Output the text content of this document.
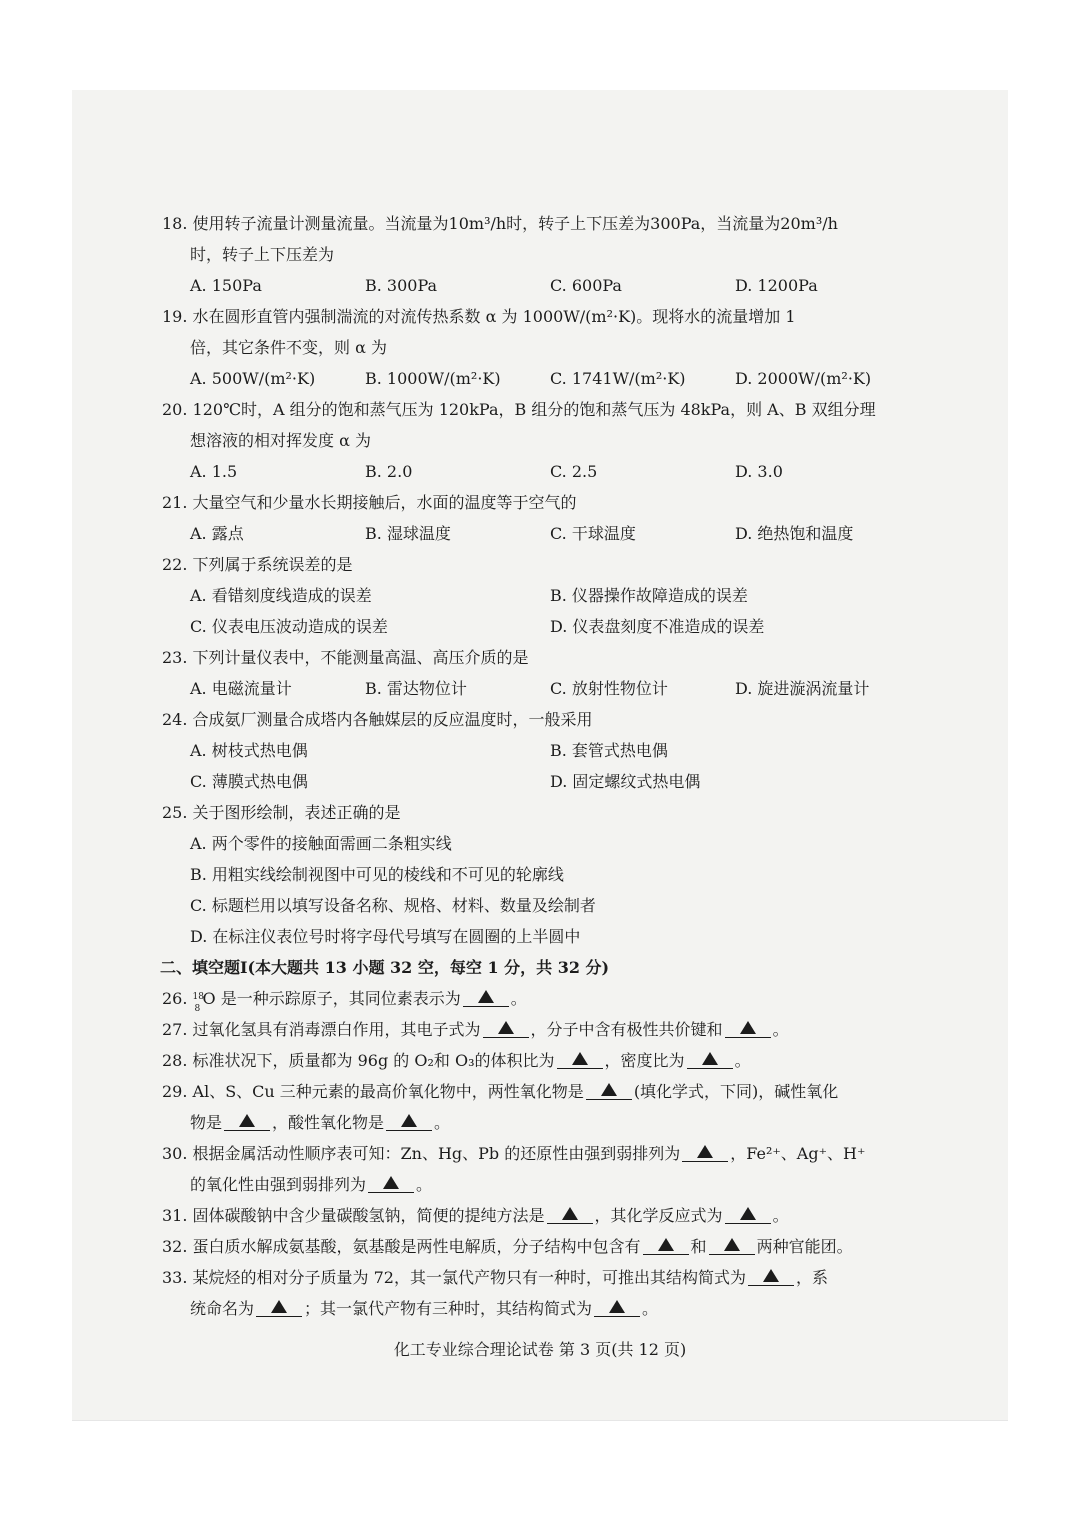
18. 使用转子流量计测量流量。当流量为10m³/h时，转子上下压差为300Pa，当流量为20m³/h
时，转子上下压差为
A. 150Pa	B. 300Pa	C. 600Pa	D. 1200Pa
19. 水在圆形直管内强制湍流的对流传热系数 α 为 1000W/(m²·K)。现将水的流量增加 1
倍，其它条件不变，则 α 为
A. 500W/(m²·K)	B. 1000W/(m²·K)	C. 1741W/(m²·K)	D. 2000W/(m²·K)
20. 120℃时，A 组分的饱和蒸气压为 120kPa，B 组分的饱和蒸气压为 48kPa，则 A、B 双组分理
想溶液的相对挥发度 α 为
A. 1.5	B. 2.0	C. 2.5	D. 3.0
21. 大量空气和少量水长期接触后，水面的温度等于空气的
A. 露点	B. 湿球温度	C. 干球温度	D. 绝热饱和温度
22. 下列属于系统误差的是
A. 看错刻度线造成的误差	B. 仪器操作故障造成的误差
C. 仪表电压波动造成的误差	D. 仪表盘刻度不准造成的误差
23. 下列计量仪表中，不能测量高温、高压介质的是
A. 电磁流量计	B. 雷达物位计	C. 放射性物位计	D. 旋进漩涡流量计
24. 合成氨厂测量合成塔内各触媒层的反应温度时，一般采用
A. 树枝式热电偶	B. 套管式热电偶
C. 薄膜式热电偶	D. 固定螺纹式热电偶
25. 关于图形绘制，表述正确的是
A. 两个零件的接触面需画二条粗实线
B. 用粗实线绘制视图中可见的棱线和不可见的轮廓线
C. 标题栏用以填写设备名称、规格、材料、数量及绘制者
D. 在标注仪表位号时将字母代号填写在圆圈的上半圆中
二、填空题Ⅰ(本大题共 13 小题 32 空，每空 1 分，共 32 分)
26. 18
8
O 是一种示踪原子，其同位素表示为	。
27. 过氧化氢具有消毒漂白作用，其电子式为	，分子中含有极性共价键和	。
28. 标准状况下，质量都为 96g 的 O₂和 O₃的体积比为	，密度比为	。
29. Al、S、Cu 三种元素的最高价氧化物中，两性氧化物是	(填化学式，下同)，碱性氧化
物是	，酸性氧化物是	。
30. 根据金属活动性顺序表可知：Zn、Hg、Pb 的还原性由强到弱排列为	，Fe²⁺、Ag⁺、H⁺
的氧化性由强到弱排列为	。
31. 固体碳酸钠中含少量碳酸氢钠，简便的提纯方法是	，其化学反应式为	。
32. 蛋白质水解成氨基酸，氨基酸是两性电解质，分子结构中包含有	和	两种官能团。
33. 某烷烃的相对分子质量为 72，其一氯代产物只有一种时，可推出其结构简式为	，系
统命名为	；其一氯代产物有三种时，其结构简式为	。
化工专业综合理论试卷 第 3 页(共 12 页)
